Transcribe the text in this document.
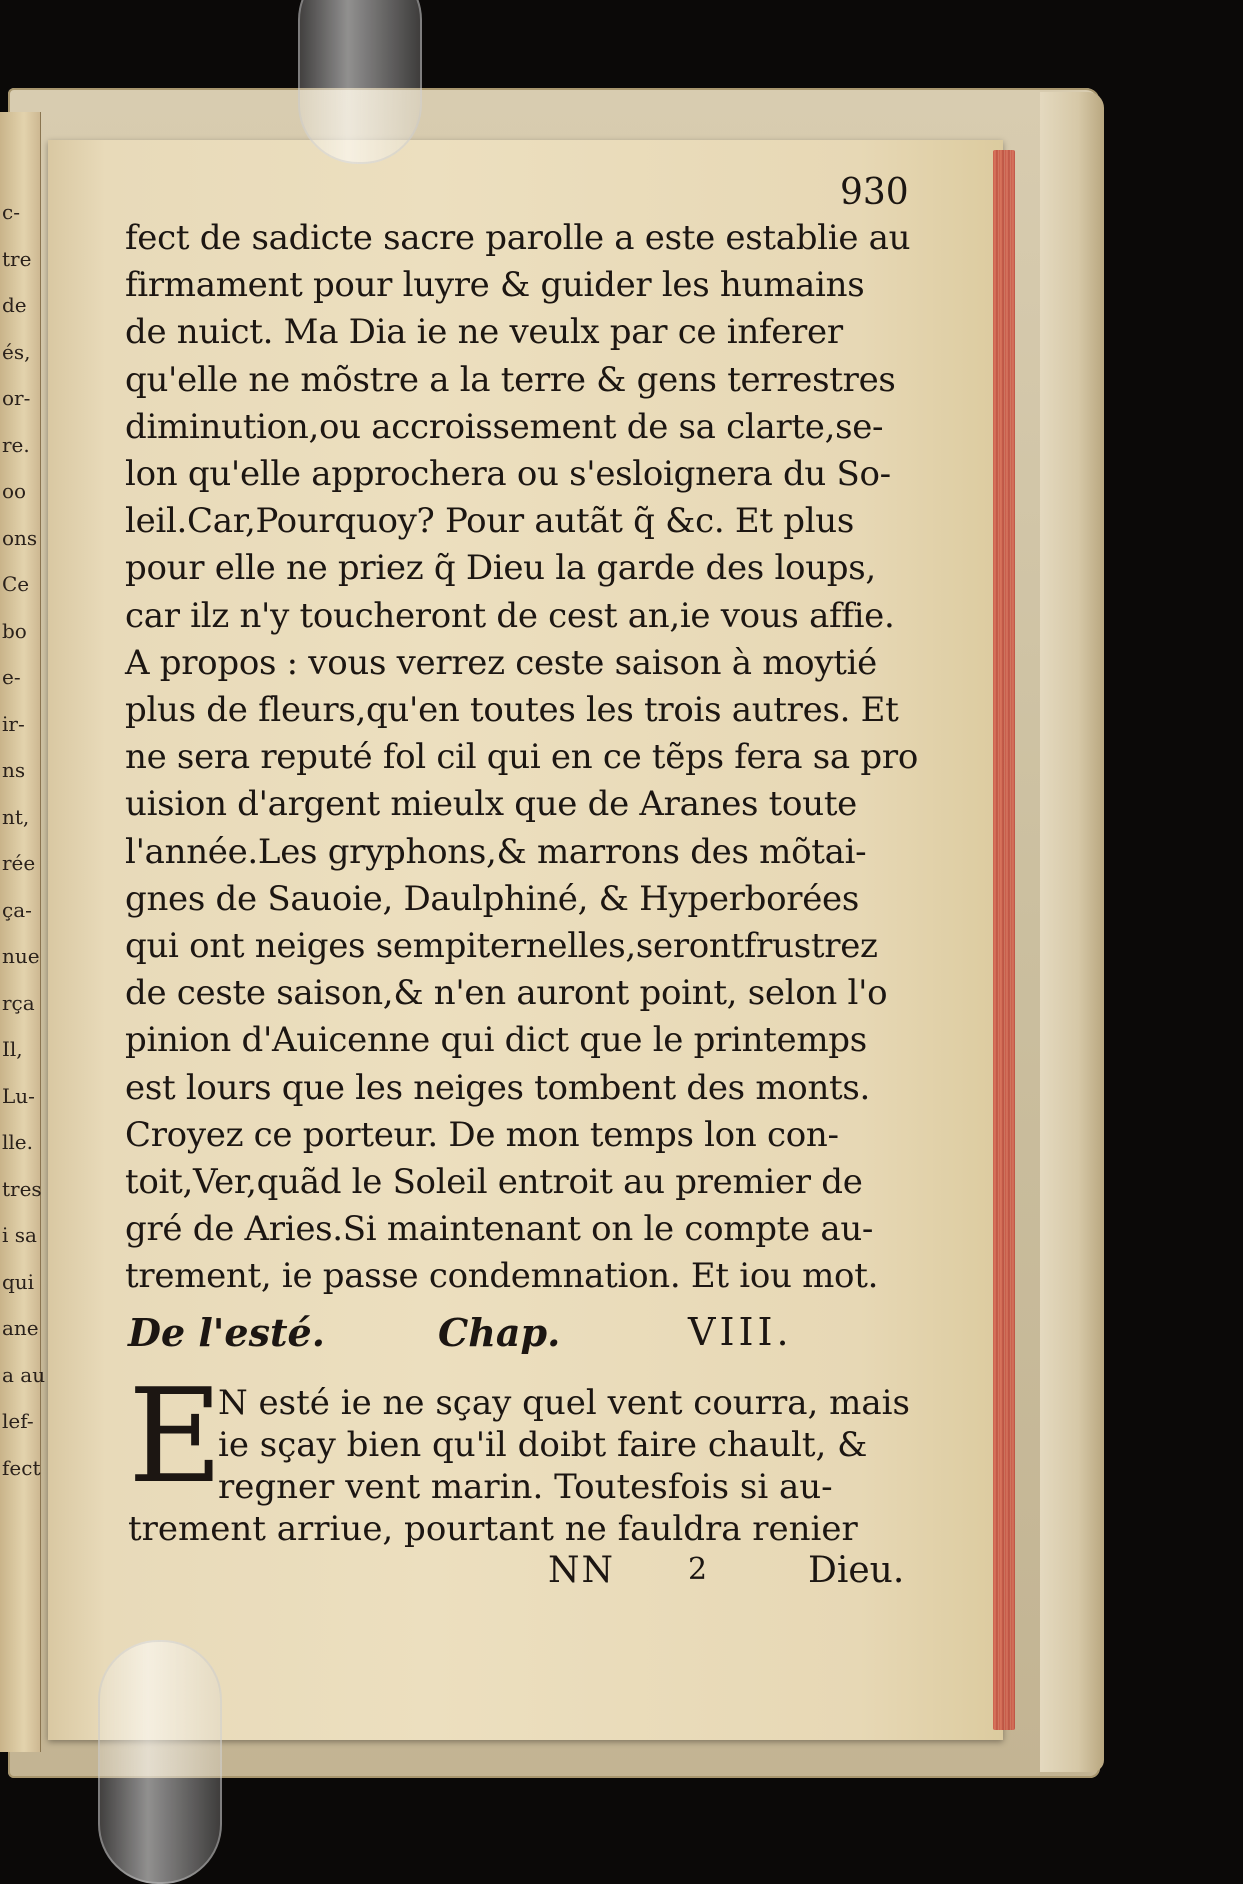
c-
tre
de
és,
or-
re.
oo
ons
Ce
bo
e-
ir-
ns
nt,
rée
ça-
nue
rça
Il,
Lu-
lle.
tres
i sa
qui
ane
a au
lef-
fect
930
fect de sadicte sacre parolle a este establie au
firmament pour luyre & guider les humains
de nuict. Ma Dia ie ne veulx par ce inferer
qu'elle ne mõstre a la terre & gens terrestres
diminution,ou accroissement de sa clarte,se-
lon qu'elle approchera ou s'esloignera du So-
leil.Car,Pourquoy? Pour autãt q̃ &c. Et plus
pour elle ne priez q̃ Dieu la garde des loups,
car ilz n'y toucheront de cest an,ie vous affie.
A propos : vous verrez ceste saison à moytié
plus de fleurs,qu'en toutes les trois autres. Et
ne sera reputé fol cil qui en ce tẽps fera sa pro
uision d'argent mieulx que de Aranes toute
l'année.Les gryphons,& marrons des mõtai-
gnes de Sauoie, Daulphiné, & Hyperborées
qui ont neiges sempiternelles,serontfrustrez
de ceste saison,& n'en auront point, selon l'o
pinion d'Auicenne qui dict que le printemps
est lours que les neiges tombent des monts.
Croyez ce porteur. De mon temps lon con-
toit,Ver,quãd le Soleil entroit au premier de
gré de Aries.Si maintenant on le compte au-
trement, ie passe condemnation. Et iou mot.
De l'esté.	Chap.	VIII.
E
N esté ie ne sçay quel vent courra, mais
ie sçay bien qu'il doibt faire chault, &
regner vent marin. Toutesfois si au-
trement arriue, pourtant ne fauldra renier
NN 2	Dieu.
